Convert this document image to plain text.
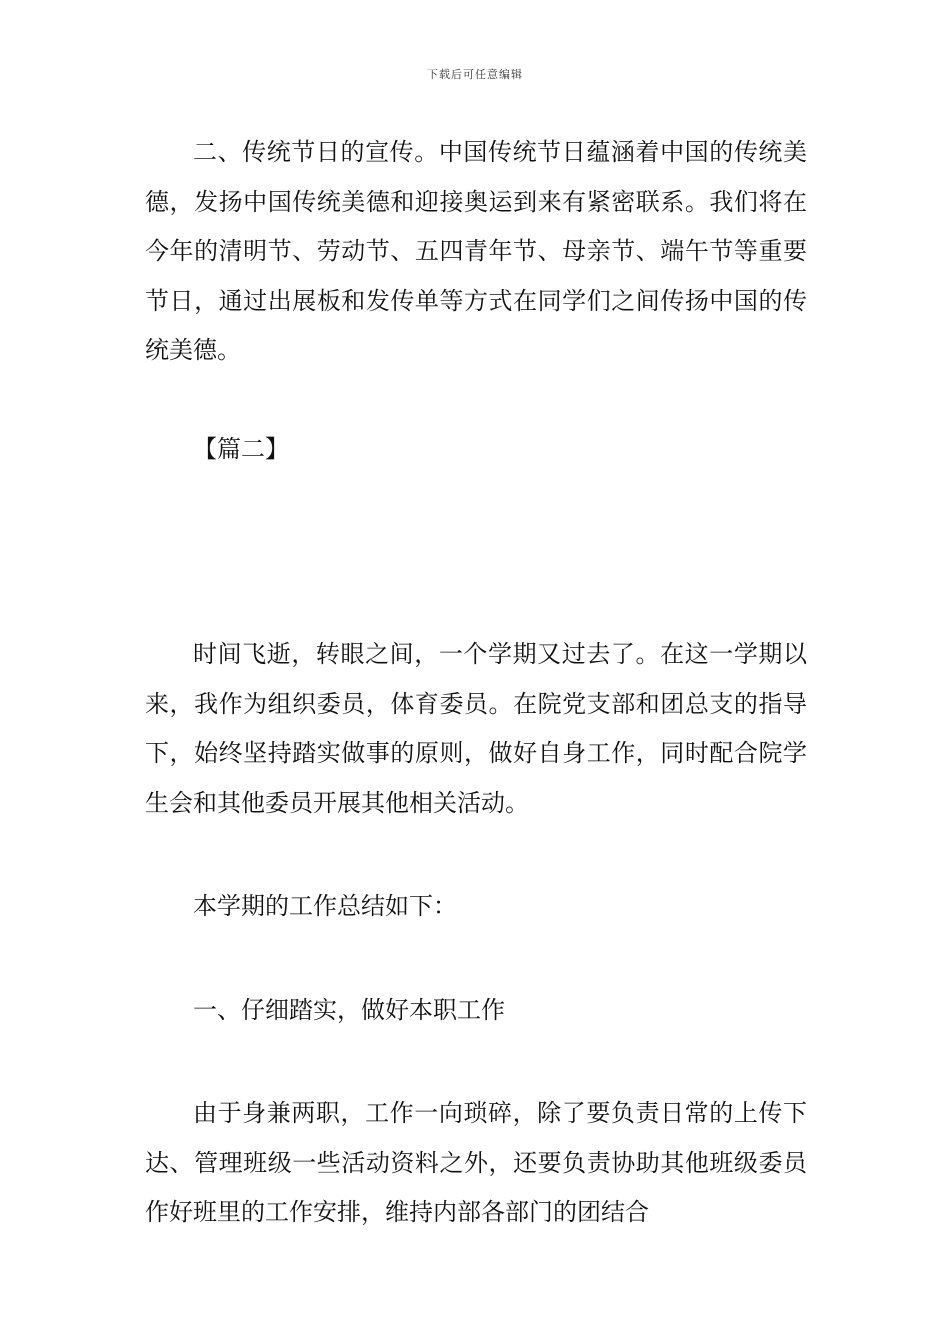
下载后可任意编辑

二、传统节日的宣传。中国传统节日蕴涵着中国的传统美德，发扬中国传统美德和迎接奥运到来有紧密联系。我们将在今年的清明节、劳动节、五四青年节、母亲节、端午节等重要节日，通过出展板和发传单等方式在同学们之间传扬中国的传统美德。

【篇二】

时间飞逝，转眼之间，一个学期又过去了。在这一学期以来，我作为组织委员，体育委员。在院党支部和团总支的指导下，始终坚持踏实做事的原则，做好自身工作，同时配合院学生会和其他委员开展其他相关活动。

本学期的工作总结如下：

一、仔细踏实，做好本职工作

由于身兼两职，工作一向琐碎，除了要负责日常的上传下达、管理班级一些活动资料之外，还要负责协助其他班级委员作好班里的工作安排，维持内部各部门的团结合
